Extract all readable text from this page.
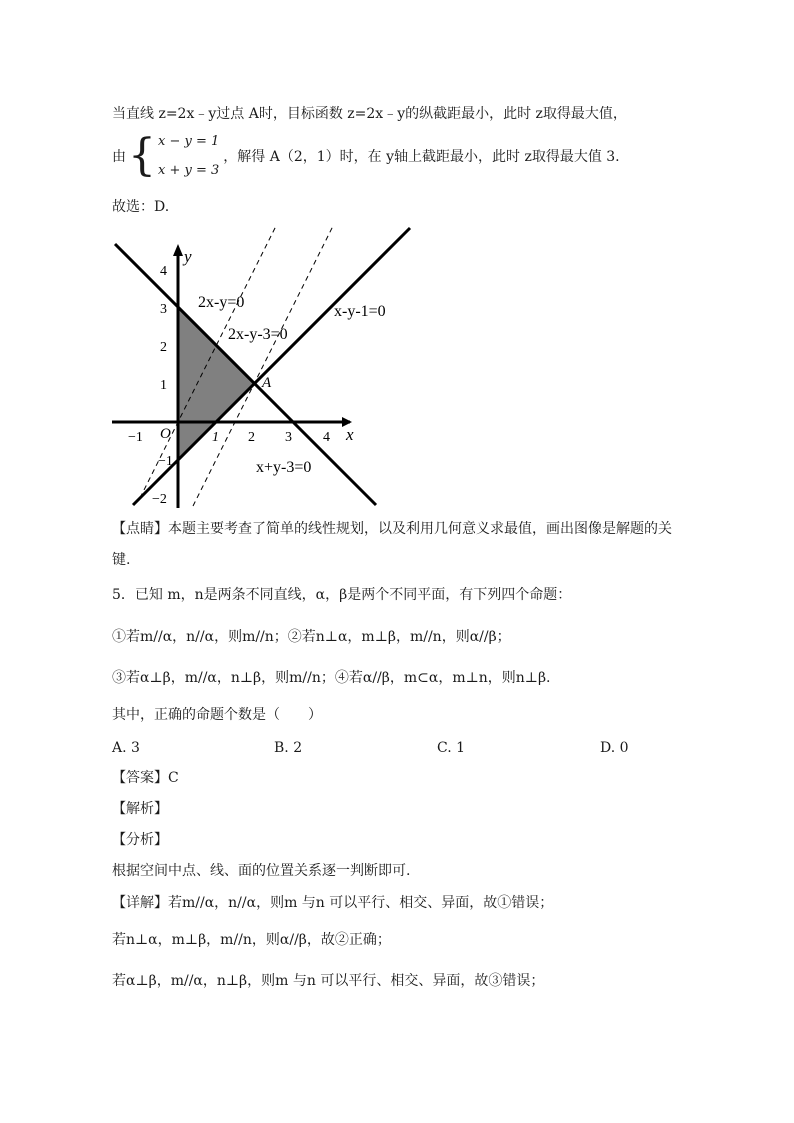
当直线 z=2x﹣y过点 A时，目标函数 z=2x﹣y的纵截距最小，此时 z取得最大值，
由 { x − y = 1
x + y = 3
，解得 A（2，1）时，在 y轴上截距最小，此时 z取得最大值 3.
故选：D.
4
3
2
1
−1
−2
−1	1 2 3 4
O	x
y
A
2x-y=0
2x-y-3=0
x-y-1=0
x+y-3=0
【点睛】本题主要考查了简单的线性规划，以及利用几何意义求最值，画出图像是解题的关
键.
5．已知 m，n是两条不同直线，α，β是两个不同平面，有下列四个命题：
①若m//α，n//α，则m//n；②若n⊥α，m⊥β，m//n，则α//β；
③若α⊥β，m//α，n⊥β，则m//n；④若α//β，m⊂α，m⊥n，则n⊥β.
其中，正确的命题个数是（　　）
A. 3	B. 2	C. 1	D. 0
【答案】C
【解析】
【分析】
根据空间中点、线、面的位置关系逐一判断即可.
【详解】若m//α，n//α，则m 与n 可以平行、相交、异面，故①错误；
若n⊥α，m⊥β，m//n，则α//β，故②正确；
若α⊥β，m//α，n⊥β，则m 与n 可以平行、相交、异面，故③错误；
